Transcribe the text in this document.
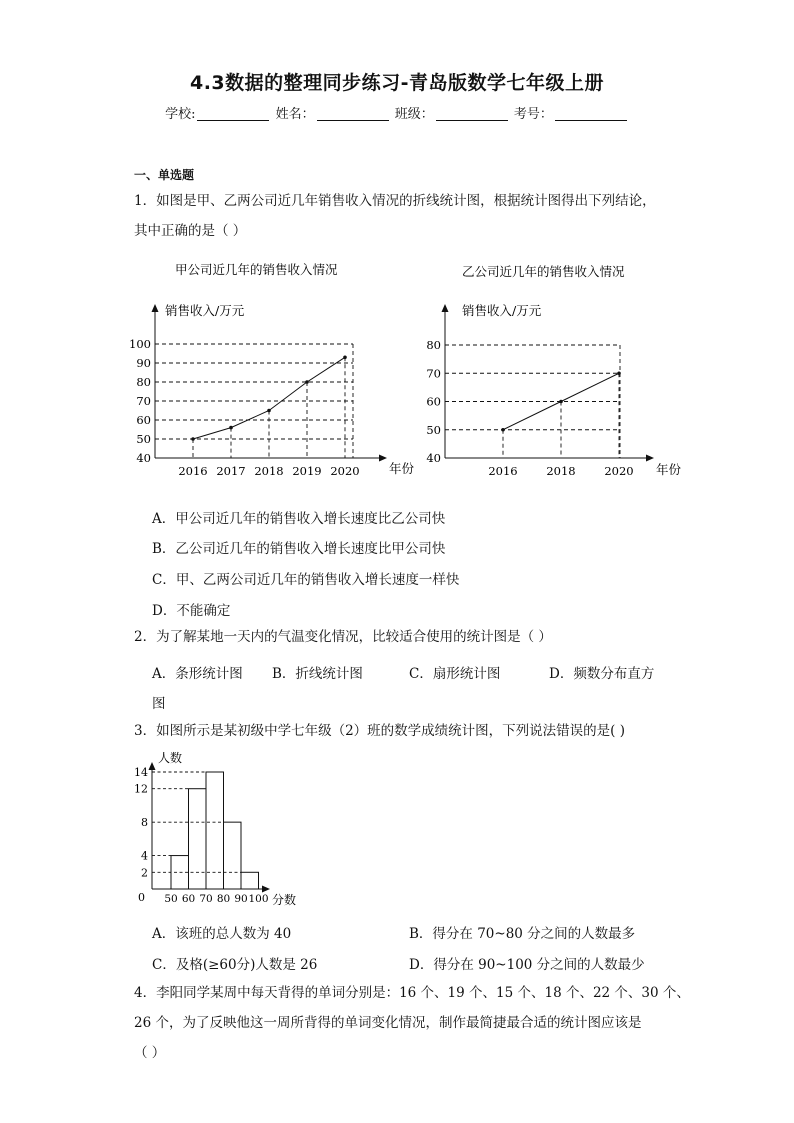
4.3数据的整理同步练习-青岛版数学七年级上册
学校:	姓名：	班级：	考号：
一、单选题
1．如图是甲、乙两公司近几年销售收入情况的折线统计图，根据统计图得出下列结论，
其中正确的是（ ）
甲公司近几年的销售收入情况
销售收入/万元
年份
40
50
60
70
80
90
100
2016 2017 2018 2019 2020
乙公司近几年的销售收入情况
销售收入/万元
年份
40
50
60
70
80
2016 2018 2020
A．甲公司近几年的销售收入增长速度比乙公司快
B．乙公司近几年的销售收入增长速度比甲公司快
C．甲、乙两公司近几年的销售收入增长速度一样快
D．不能确定
2．为了解某地一天内的气温变化情况，比较适合使用的统计图是（ ）
A．条形统计图 B．折线统计图	C．扇形统计图	D．频数分布直方
图
3．如图所示是某初级中学七年级（2）班的数学成绩统计图，下列说法错误的是( )
人数
分数
0
2
4
8
12
14
50 60 70 80 90 100
A．该班的总人数为 40	B．得分在 70~80 分之间的人数最多
C．及格(≥60分)人数是 26	D．得分在 90~100 分之间的人数最少
4．李阳同学某周中每天背得的单词分别是：16 个、19 个、15 个、18 个、22 个、30 个、
26 个，为了反映他这一周所背得的单词变化情况，制作最简捷最合适的统计图应该是
（ ）
